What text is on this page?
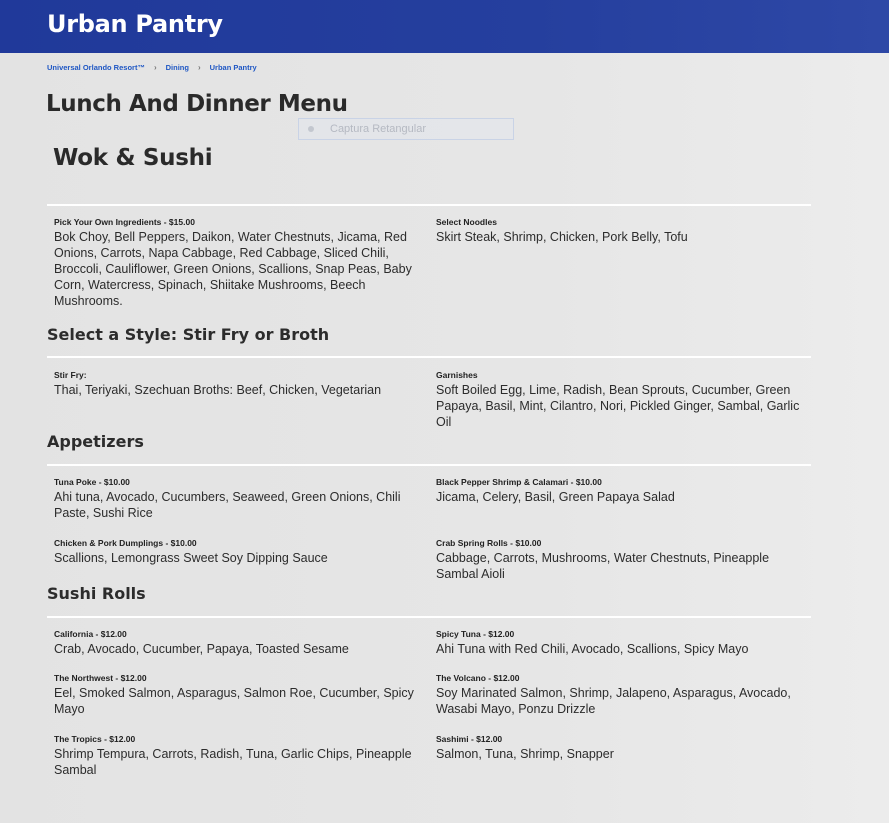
Urban Pantry
Universal Orlando Resort™ › Dining › Urban Pantry
Lunch And Dinner Menu
Captura Retangular
Wok & Sushi
Pick Your Own Ingredients - $15.00
Bok Choy, Bell Peppers, Daikon, Water Chestnuts, Jicama, Red Onions, Carrots, Napa Cabbage, Red Cabbage, Sliced Chili, Broccoli, Cauliflower, Green Onions, Scallions, Snap Peas, Baby Corn, Watercress, Spinach, Shiitake Mushrooms, Beech Mushrooms.
Select Noodles
Skirt Steak, Shrimp, Chicken, Pork Belly, Tofu
Select a Style: Stir Fry or Broth
Stir Fry:
Thai, Teriyaki, Szechuan Broths: Beef, Chicken, Vegetarian
Garnishes
Soft Boiled Egg, Lime, Radish, Bean Sprouts, Cucumber, Green Papaya, Basil, Mint, Cilantro, Nori, Pickled Ginger, Sambal, Garlic Oil
Appetizers
Tuna Poke - $10.00
Ahi tuna, Avocado, Cucumbers, Seaweed, Green Onions, Chili Paste, Sushi Rice
Black Pepper Shrimp & Calamari - $10.00
Jicama, Celery, Basil, Green Papaya Salad
Chicken & Pork Dumplings - $10.00
Scallions, Lemongrass Sweet Soy Dipping Sauce
Crab Spring Rolls - $10.00
Cabbage, Carrots, Mushrooms, Water Chestnuts, Pineapple Sambal Aioli
Sushi Rolls
California - $12.00
Crab, Avocado, Cucumber, Papaya, Toasted Sesame
Spicy Tuna - $12.00
Ahi Tuna with Red Chili, Avocado, Scallions, Spicy Mayo
The Northwest - $12.00
Eel, Smoked Salmon, Asparagus, Salmon Roe, Cucumber, Spicy Mayo
The Volcano - $12.00
Soy Marinated Salmon, Shrimp, Jalapeno, Asparagus, Avocado, Wasabi Mayo, Ponzu Drizzle
The Tropics - $12.00
Shrimp Tempura, Carrots, Radish, Tuna, Garlic Chips, Pineapple Sambal
Sashimi - $12.00
Salmon, Tuna, Shrimp, Snapper
